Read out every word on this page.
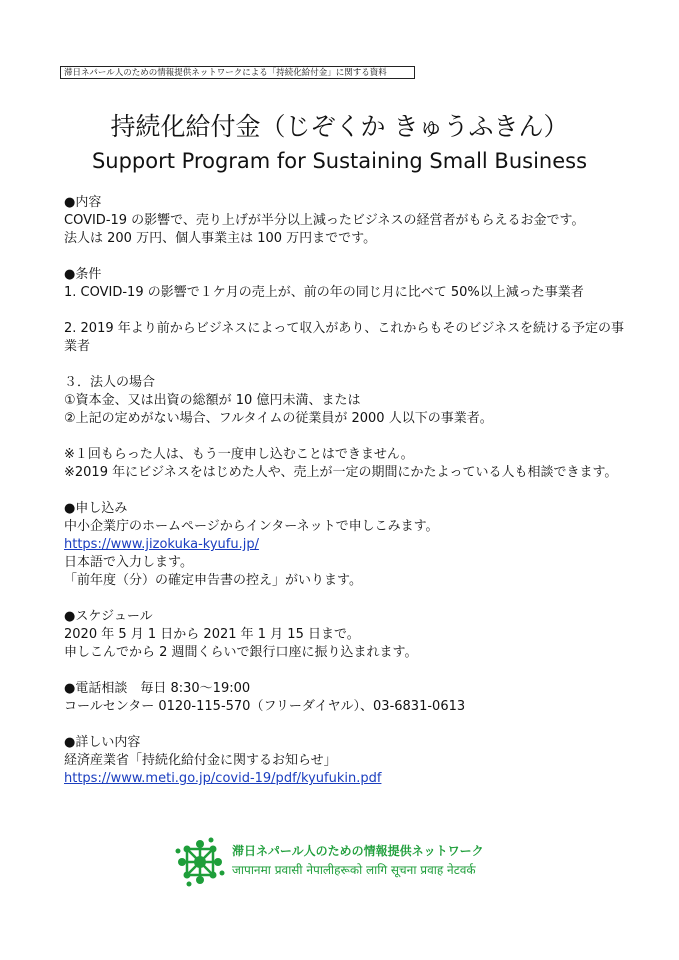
滞日ネパール人のための情報提供ネットワークによる「持続化給付金」に関する資料
持続化給付金（じぞくか きゅうふきん）
Support Program for Sustaining Small Business
●内容
COVID-19 の影響で、売り上げが半分以上減ったビジネスの経営者がもらえるお金です。
法人は 200 万円、個人事業主は 100 万円までです。
●条件
1. COVID-19 の影響で１ケ月の売上が、前の年の同じ月に比べて 50%以上減った事業者
2. 2019 年より前からビジネスによって収入があり、これからもそのビジネスを続ける予定の事業者
３．法人の場合
①資本金、又は出資の総額が 10 億円未満、または
②上記の定めがない場合、フルタイムの従業員が 2000 人以下の事業者。
※１回もらった人は、もう一度申し込むことはできません。
※2019 年にビジネスをはじめた人や、売上が一定の期間にかたよっている人も相談できます。
●申し込み
中小企業庁のホームページからインターネットで申しこみます。
https://www.jizokuka-kyufu.jp/
日本語で入力します。
「前年度（分）の確定申告書の控え」がいります。
●スケジュール
2020 年 5 月 1 日から 2021 年 1 月 15 日まで。
申しこんでから 2 週間くらいで銀行口座に振り込まれます。
●電話相談　毎日 8:30〜19:00
コールセンター 0120-115-570（フリーダイヤル）、03-6831-0613
●詳しい内容
経済産業省「持続化給付金に関するお知らせ」
https://www.meti.go.jp/covid-19/pdf/kyufukin.pdf
滞日ネパール人のための情報提供ネットワーク
जापानमा प्रवासी नेपालीहरूको लागि सूचना प्रवाह नेटवर्क
